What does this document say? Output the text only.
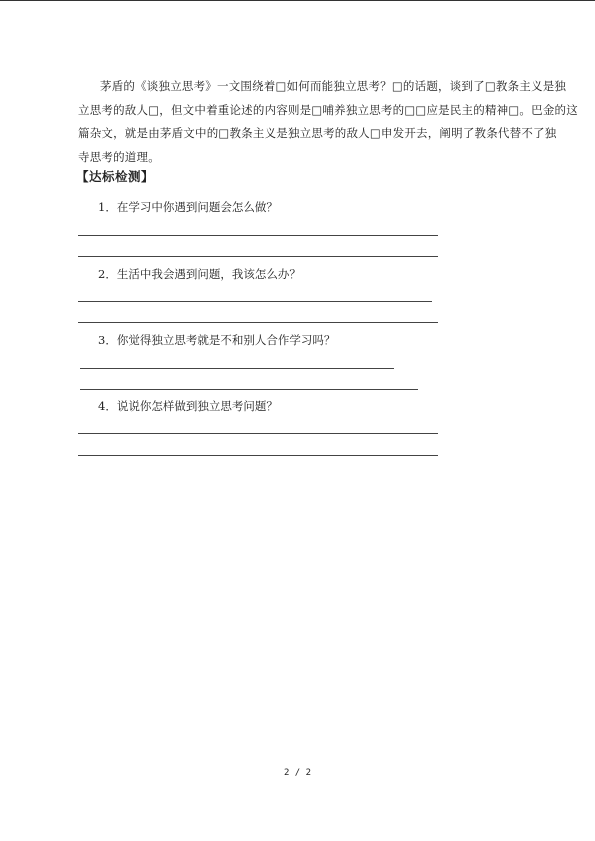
茅盾的《谈独立思考》一文围绕着□如何而能独立思考？□的话题，谈到了□教条主义是独
立思考的敌人□，但文中着重论述的内容则是□哺养独立思考的□□应是民主的精神□。巴金的这
篇杂文，就是由茅盾文中的□教条主义是独立思考的敌人□申发开去，阐明了教条代替不了独
寺思考的道理。
【达标检测】
1．在学习中你遇到问题会怎么做？
2．生活中我会遇到问题，我该怎么办？
3．你觉得独立思考就是不和别人合作学习吗？
4．说说你怎样做到独立思考问题？
2 / 2
